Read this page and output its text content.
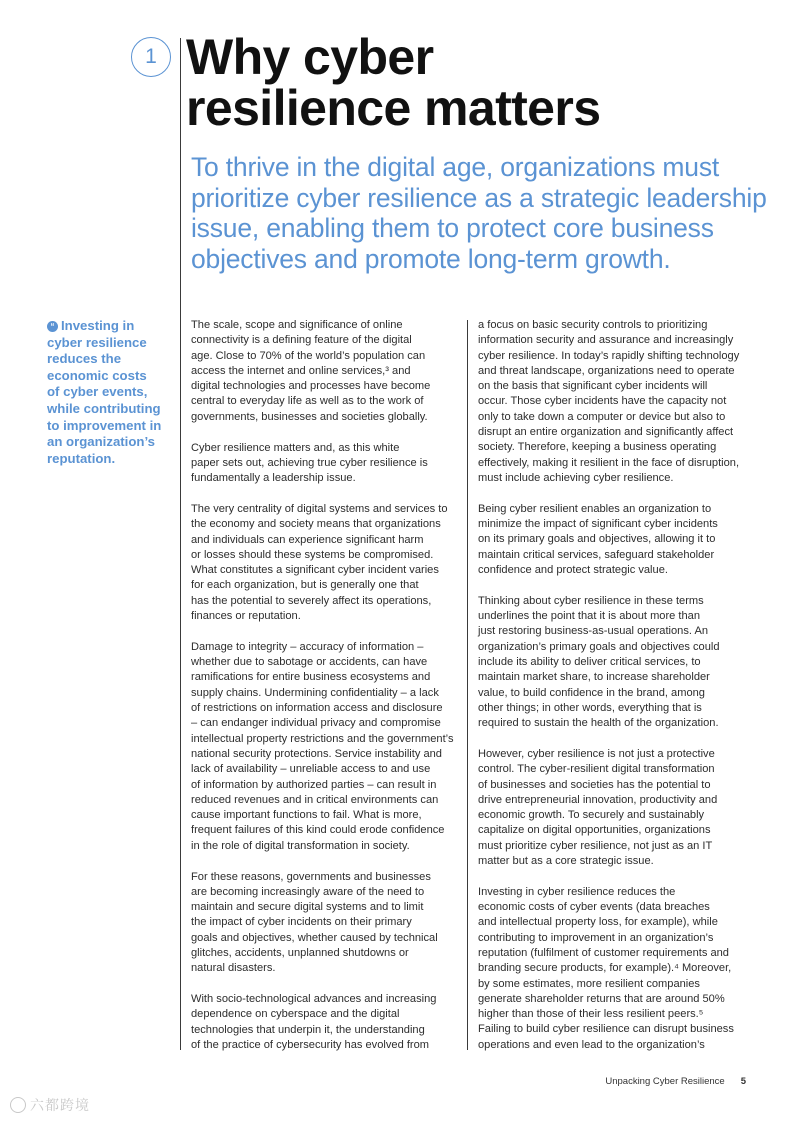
1 Why cyber
resilience matters
To thrive in the digital age, organizations must
prioritize cyber resilience as a strategic leadership
issue, enabling them to protect core business
objectives and promote long-term growth.
“ Investing in
cyber resilience
reduces the
economic costs
of cyber events,
while contributing
to improvement in
an organization’s
reputation.

The scale, scope and significance of online
connectivity is a defining feature of the digital
age. Close to 70% of the world’s population can
access the internet and online services,³ and
digital technologies and processes have become
central to everyday life as well as to the work of
governments, businesses and societies globally.

Cyber resilience matters and, as this white
paper sets out, achieving true cyber resilience is
fundamentally a leadership issue.

The very centrality of digital systems and services to
the economy and society means that organizations
and individuals can experience significant harm
or losses should these systems be compromised.
What constitutes a significant cyber incident varies
for each organization, but is generally one that
has the potential to severely affect its operations,
finances or reputation.

Damage to integrity – accuracy of information –
whether due to sabotage or accidents, can have
ramifications for entire business ecosystems and
supply chains. Undermining confidentiality – a lack
of restrictions on information access and disclosure
– can endanger individual privacy and compromise
intellectual property restrictions and the government’s
national security protections. Service instability and
lack of availability – unreliable access to and use
of information by authorized parties – can result in
reduced revenues and in critical environments can
cause important functions to fail. What is more,
frequent failures of this kind could erode confidence
in the role of digital transformation in society.

For these reasons, governments and businesses
are becoming increasingly aware of the need to
maintain and secure digital systems and to limit
the impact of cyber incidents on their primary
goals and objectives, whether caused by technical
glitches, accidents, unplanned shutdowns or
natural disasters.

With socio-technological advances and increasing
dependence on cyberspace and the digital
technologies that underpin it, the understanding
of the practice of cybersecurity has evolved from

a focus on basic security controls to prioritizing
information security and assurance and increasingly
cyber resilience. In today’s rapidly shifting technology
and threat landscape, organizations need to operate
on the basis that significant cyber incidents will
occur. Those cyber incidents have the capacity not
only to take down a computer or device but also to
disrupt an entire organization and significantly affect
society. Therefore, keeping a business operating
effectively, making it resilient in the face of disruption,
must include achieving cyber resilience.

Being cyber resilient enables an organization to
minimize the impact of significant cyber incidents
on its primary goals and objectives, allowing it to
maintain critical services, safeguard stakeholder
confidence and protect strategic value.

Thinking about cyber resilience in these terms
underlines the point that it is about more than
just restoring business-as-usual operations. An
organization’s primary goals and objectives could
include its ability to deliver critical services, to
maintain market share, to increase shareholder
value, to build confidence in the brand, among
other things; in other words, everything that is
required to sustain the health of the organization.

However, cyber resilience is not just a protective
control. The cyber-resilient digital transformation
of businesses and societies has the potential to
drive entrepreneurial innovation, productivity and
economic growth. To securely and sustainably
capitalize on digital opportunities, organizations
must prioritize cyber resilience, not just as an IT
matter but as a core strategic issue.

Investing in cyber resilience reduces the
economic costs of cyber events (data breaches
and intellectual property loss, for example), while
contributing to improvement in an organization’s
reputation (fulfilment of customer requirements and
branding secure products, for example).⁴ Moreover,
by some estimates, more resilient companies
generate shareholder returns that are around 50%
higher than those of their less resilient peers.⁵
Failing to build cyber resilience can disrupt business
operations and even lead to the organization’s

Unpacking Cyber Resilience 5
六都跨境
